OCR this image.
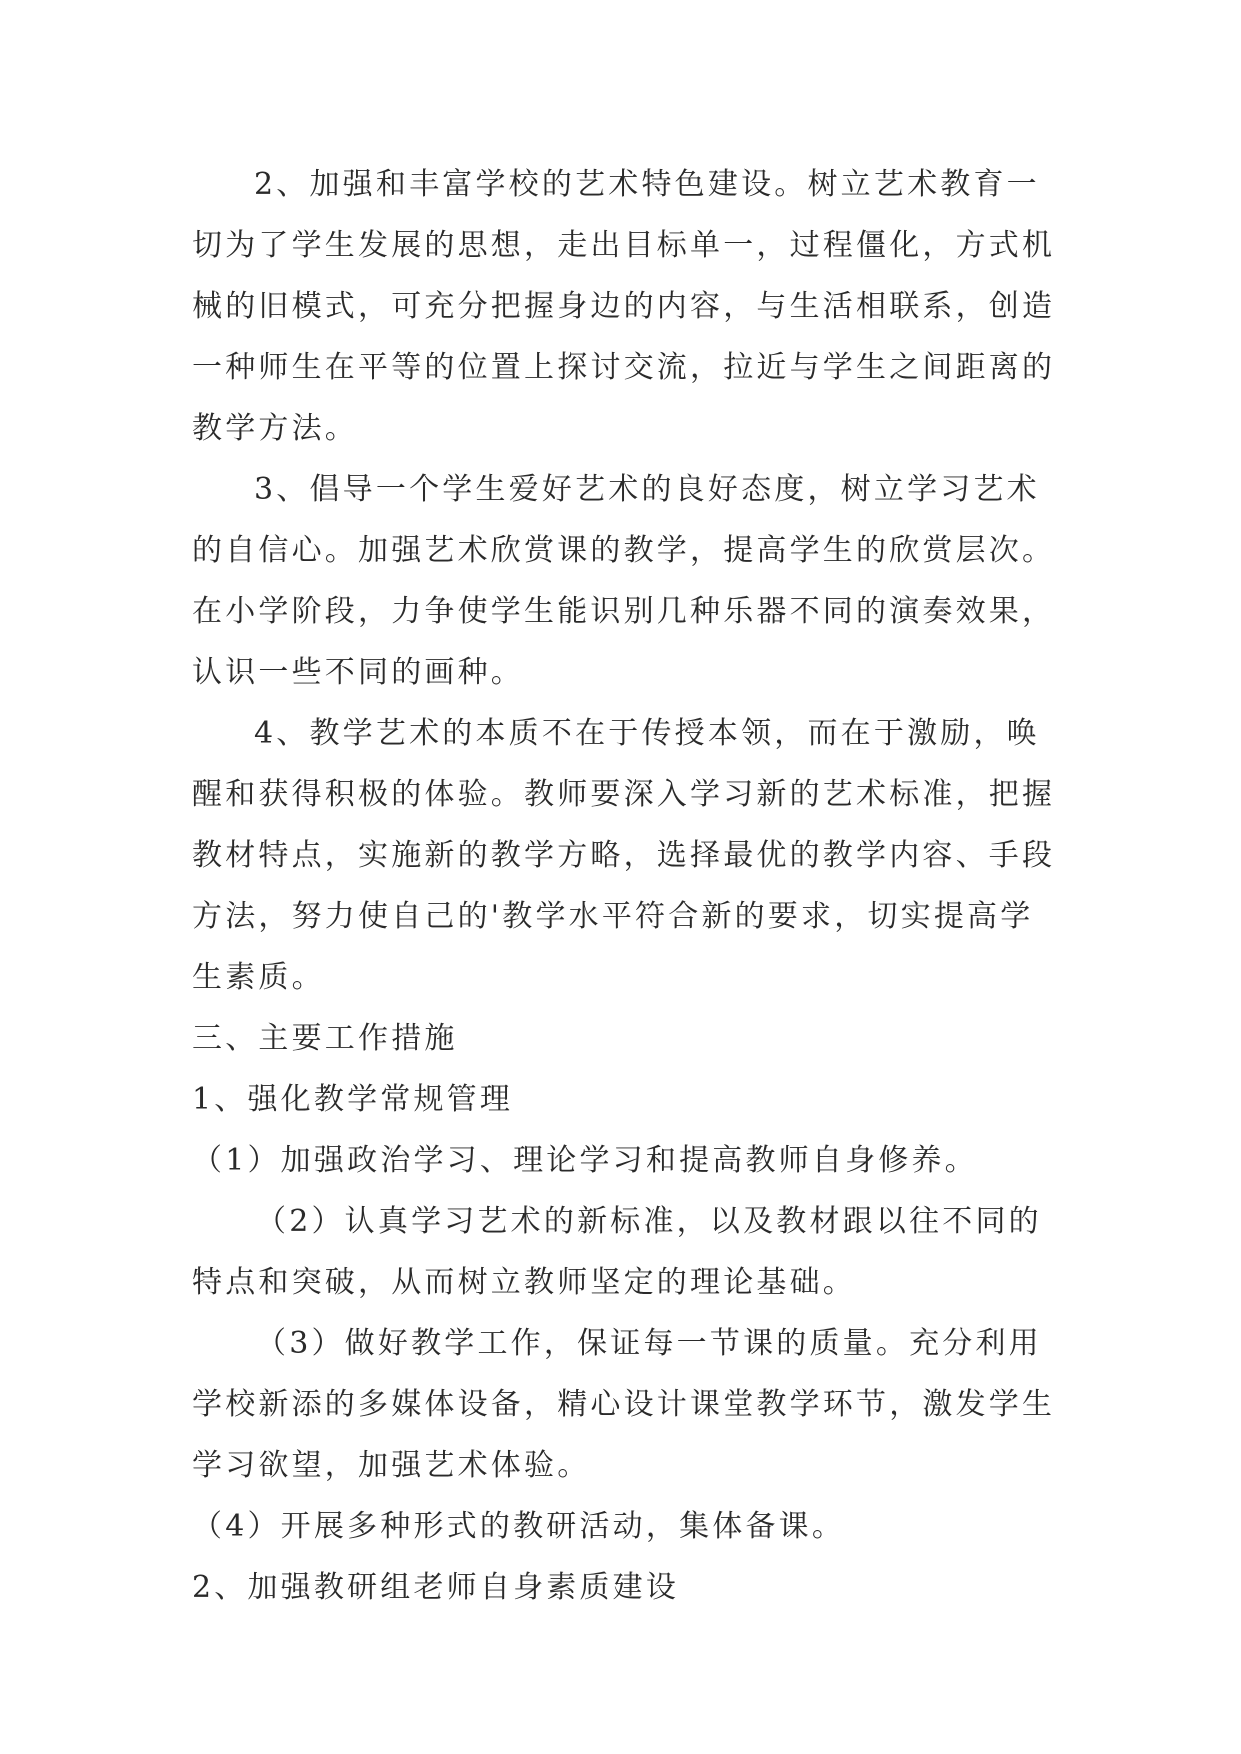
2、加强和丰富学校的艺术特色建设。树立艺术教育一切为了学生发展的思想，走出目标单一，过程僵化，方式机械的旧模式，可充分把握身边的内容，与生活相联系，创造一种师生在平等的位置上探讨交流，拉近与学生之间距离的教学方法。

3、倡导一个学生爱好艺术的良好态度，树立学习艺术的自信心。加强艺术欣赏课的教学，提高学生的欣赏层次。在小学阶段，力争使学生能识别几种乐器不同的演奏效果，认识一些不同的画种。

4、教学艺术的本质不在于传授本领，而在于激励，唤醒和获得积极的体验。教师要深入学习新的艺术标准，把握教材特点，实施新的教学方略，选择最优的教学内容、手段方法，努力使自己的'教学水平符合新的要求，切实提高学生素质。

三、主要工作措施

1、强化教学常规管理

（1）加强政治学习、理论学习和提高教师自身修养。

（2）认真学习艺术的新标准，以及教材跟以往不同的特点和突破，从而树立教师坚定的理论基础。

（3）做好教学工作，保证每一节课的质量。充分利用学校新添的多媒体设备，精心设计课堂教学环节，激发学生学习欲望，加强艺术体验。

（4）开展多种形式的教研活动，集体备课。

2、加强教研组老师自身素质建设
